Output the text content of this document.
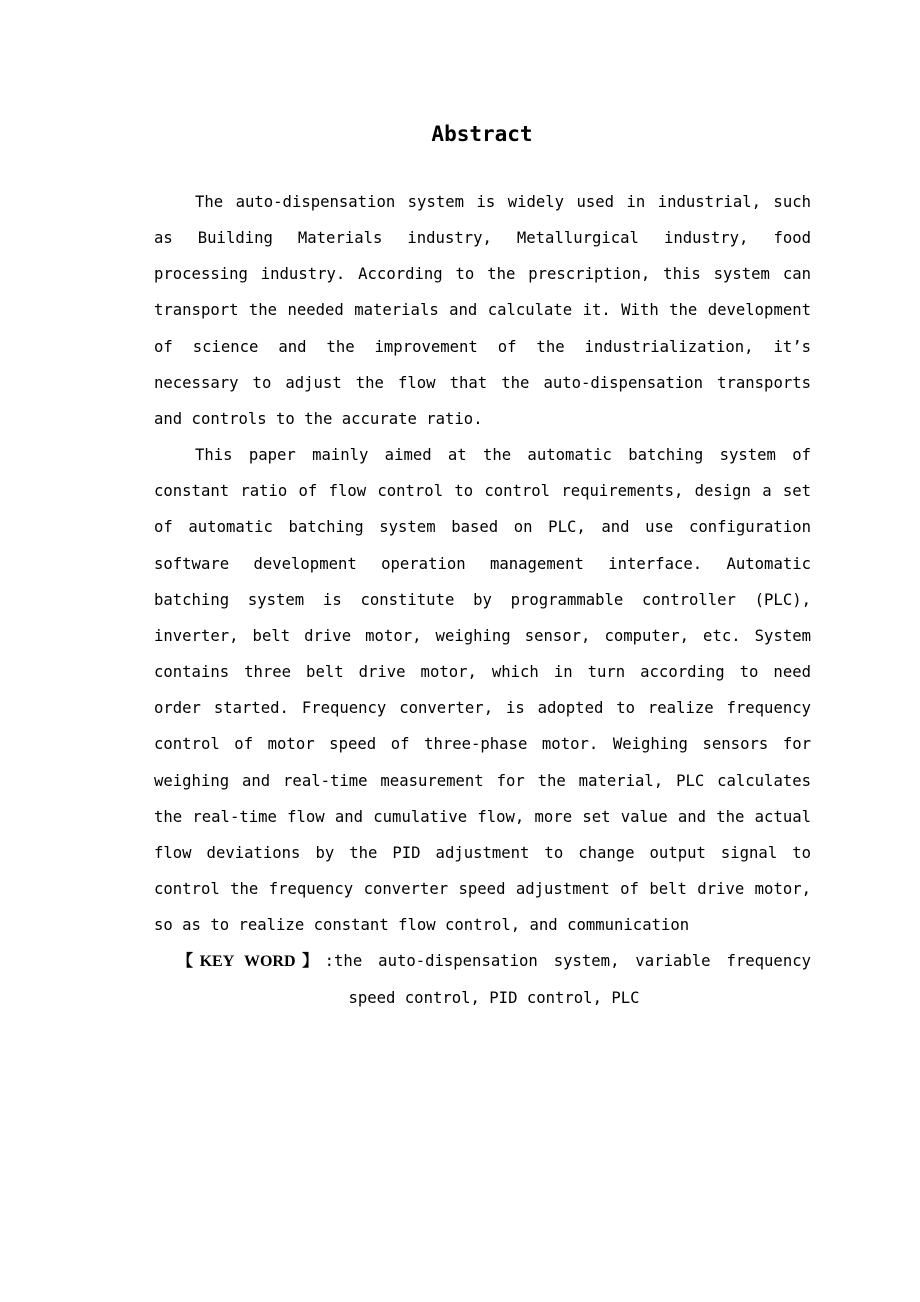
Abstract

The auto-dispensation system is widely used in industrial, such as Building Materials industry, Metallurgical industry, food processing industry. According to the prescription, this system can transport the needed materials and calculate it. With the development of science and the improvement of the industrialization, it’s necessary to adjust the flow that the auto-dispensation transports and controls to the accurate ratio.

This paper mainly aimed at the automatic batching system of constant ratio of flow control to control requirements, design a set of automatic batching system based on PLC, and use configuration software development operation management interface. Automatic batching system is constitute by programmable controller (PLC), inverter, belt drive motor, weighing sensor, computer, etc. System contains three belt drive motor, which in turn according to need order started. Frequency converter, is adopted to realize frequency control of motor speed of three-phase motor. Weighing sensors for weighing and real-time measurement for the material, PLC calculates the real-time flow and cumulative flow, more set value and the actual flow deviations by the PID adjustment to change output signal to control the frequency converter speed adjustment of belt drive motor, so as to realize constant flow control, and communication

【KEY WORD】:the auto-dispensation system, variable frequency speed control, PID control, PLC
